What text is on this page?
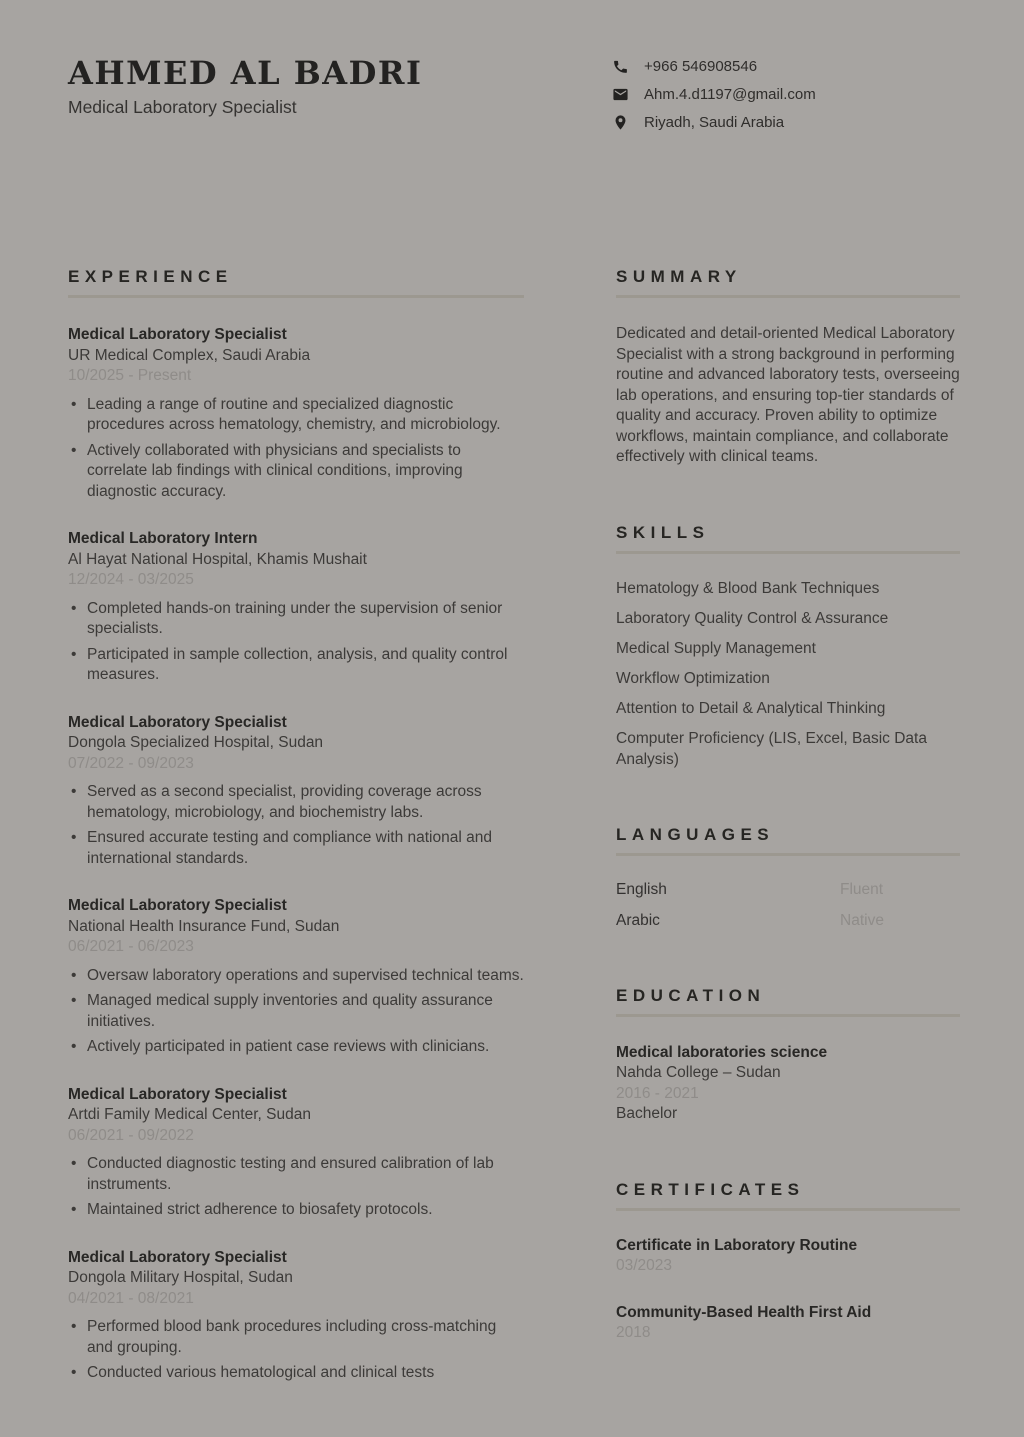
AHMED AL BADRI
Medical Laboratory Specialist
+966 546908546
Ahm.4.d1197@gmail.com
Riyadh, Saudi Arabia
EXPERIENCE
Medical Laboratory Specialist
UR Medical Complex, Saudi Arabia
10/2025 - Present
• Leading a range of routine and specialized diagnostic procedures across hematology, chemistry, and microbiology.
• Actively collaborated with physicians and specialists to correlate lab findings with clinical conditions, improving diagnostic accuracy.
Medical Laboratory Intern
Al Hayat National Hospital, Khamis Mushait
12/2024 - 03/2025
• Completed hands-on training under the supervision of senior specialists.
• Participated in sample collection, analysis, and quality control measures.
Medical Laboratory Specialist
Dongola Specialized Hospital, Sudan
07/2022 - 09/2023
• Served as a second specialist, providing coverage across hematology, microbiology, and biochemistry labs.
• Ensured accurate testing and compliance with national and international standards.
Medical Laboratory Specialist
National Health Insurance Fund, Sudan
06/2021 - 06/2023
• Oversaw laboratory operations and supervised technical teams.
• Managed medical supply inventories and quality assurance initiatives.
• Actively participated in patient case reviews with clinicians.
Medical Laboratory Specialist
Artdi Family Medical Center, Sudan
06/2021 - 09/2022
• Conducted diagnostic testing and ensured calibration of lab instruments.
• Maintained strict adherence to biosafety protocols.
Medical Laboratory Specialist
Dongola Military Hospital, Sudan
04/2021 - 08/2021
• Performed blood bank procedures including cross-matching and grouping.
• Conducted various hematological and clinical tests
SUMMARY

Dedicated and detail-oriented Medical Laboratory Specialist with a strong background in performing routine and advanced laboratory tests, overseeing lab operations, and ensuring top-tier standards of quality and accuracy. Proven ability to optimize workflows, maintain compliance, and collaborate effectively with clinical teams.

SKILLS
Hematology & Blood Bank Techniques
Laboratory Quality Control & Assurance
Medical Supply Management
Workflow Optimization
Attention to Detail & Analytical Thinking
Computer Proficiency (LIS, Excel, Basic Data Analysis)
LANGUAGES
English	Fluent
Arabic	Native
EDUCATION
Medical laboratories science
Nahda College – Sudan
2016 - 2021
Bachelor
CERTIFICATES
Certificate in Laboratory Routine
03/2023
Community-Based Health First Aid
2018
